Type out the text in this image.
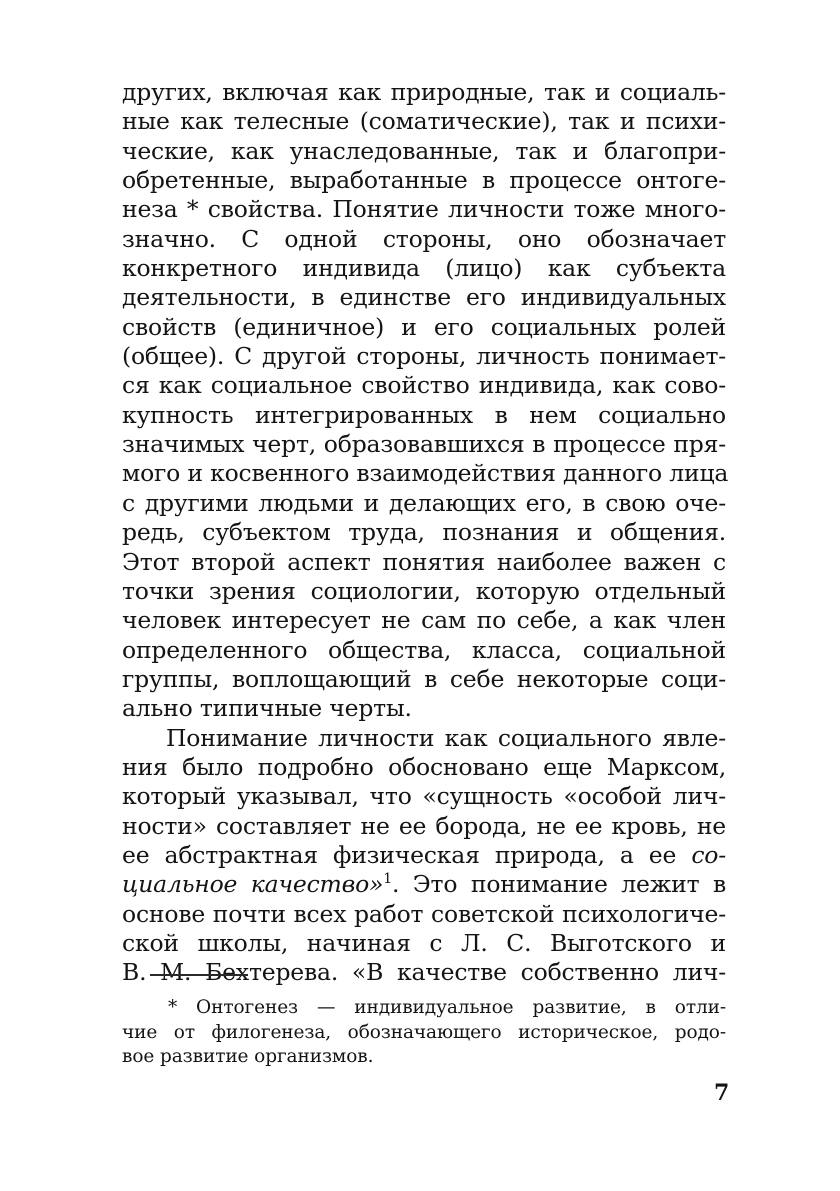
других, включая как природные, так и социаль-
ные как телесные (соматические), так и психи-
ческие, как унаследованные, так и благопри-
обретенные, выработанные в процессе онтоге-
неза * свойства. Понятие личности тоже много-
значно. С одной стороны, оно обозначает
конкретного индивида (лицо) как субъекта
деятельности, в единстве его индивидуальных
свойств (единичное) и его социальных ролей
(общее). С другой стороны, личность понимает-
ся как социальное свойство индивида, как сово-
купность интегрированных в нем социально
значимых черт, образовавшихся в процессе пря-
мого и косвенного взаимодействия данного лица
с другими людьми и делающих его, в свою оче-
редь, субъектом труда, познания и общения.
Этот второй аспект понятия наиболее важен с
точки зрения социологии, которую отдельный
человек интересует не сам по себе, а как член
определенного общества, класса, социальной
группы, воплощающий в себе некоторые соци-
ально типичные черты.
Понимание личности как социального явле-
ния было подробно обосновано еще Марксом,
который указывал, что «сущность «особой лич-
ности» составляет не ее борода, не ее кровь, не
ее абстрактная физическая природа, а ее со-
циальное качество»$^1$. Это понимание лежит в
основе почти всех работ советской психологиче-
ской школы, начиная с Л. С. Выготского и
В. М. Бехтерева. «В качестве собственно лич-
* Онтогенез — индивидуальное развитие, в отли-
чие от филогенеза, обозначающего историческое, родо-
вое развитие организмов.
7
